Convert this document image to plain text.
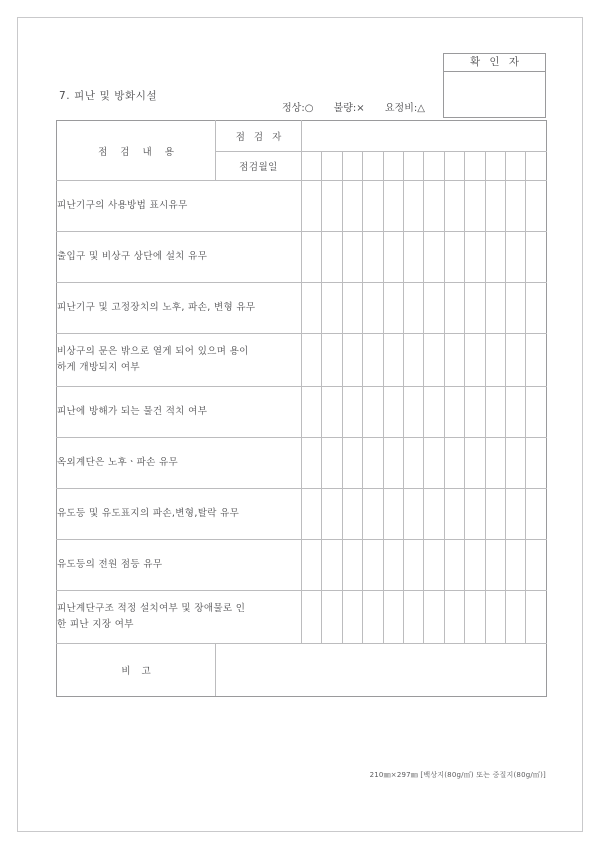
확 인 자
7. 피난 및 방화시설
정상:○ 불량:× 요정비:△
점 검 내 용	점 검 자												
	점검월일												

피난기구의 사용방법 표시유무													

출입구 및 비상구 상단에 설치 유무													

피난기구 및 고정장치의 노후, 파손, 변형 유무													

비상구의 문은 밖으로 열게 되어 있으며 용이
하게 개방되지 여부													

피난에 방해가 되는 물건 적치 여부													

옥외계단은 노후ㆍ파손 유무													

유도등 및 유도표지의 파손,변형,탈락 유무													

유도등의 전원 점등 유무													

피난계단구조 적정 설치여부 및 장애물로 인
한 피난 지장 여부													

비 고													
210㎜×297㎜ [백상지(80g/㎡) 또는 중질지(80g/㎡)]
